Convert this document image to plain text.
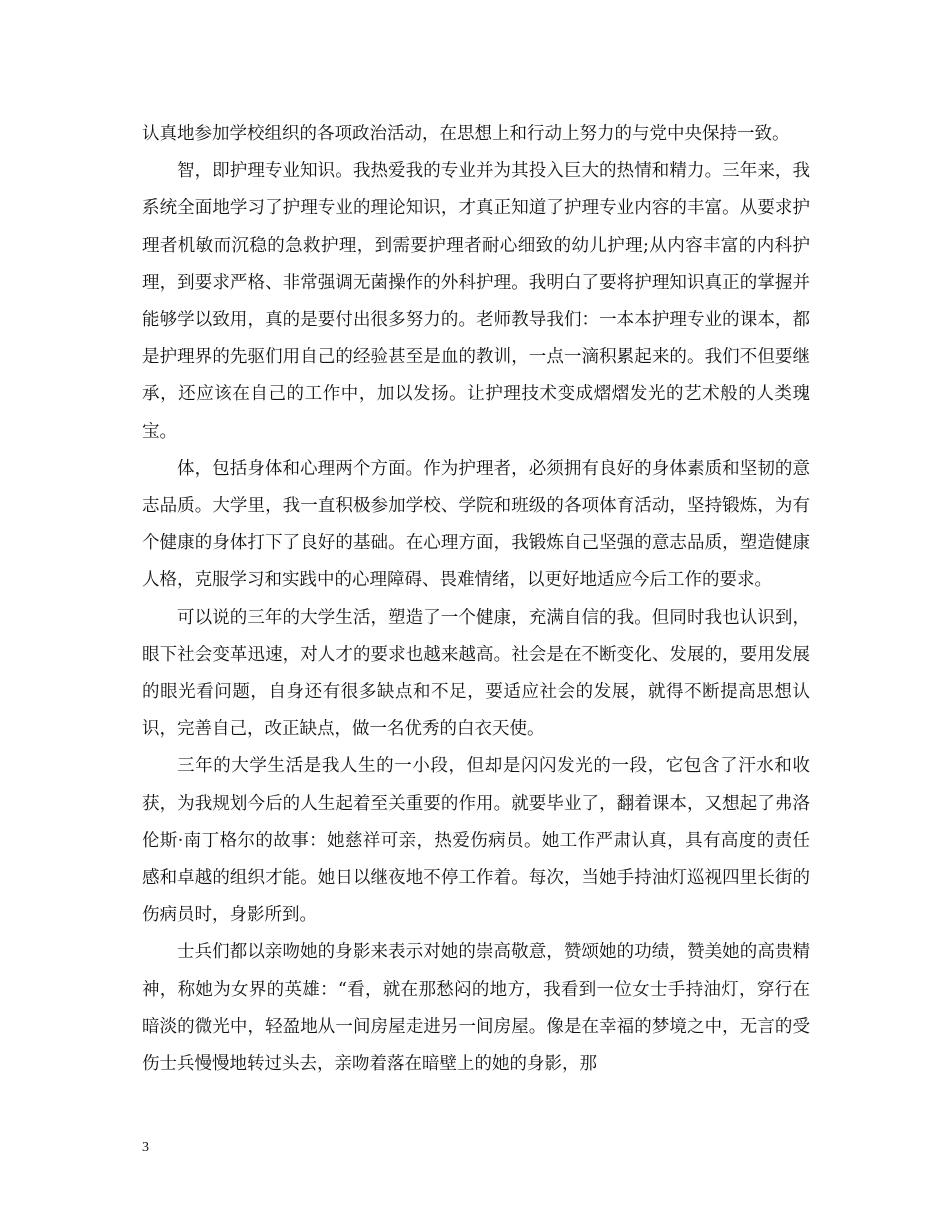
认真地参加学校组织的各项政治活动，在思想上和行动上努力的与党中央保持一致。

智，即护理专业知识。我热爱我的专业并为其投入巨大的热情和精力。三年来，我系统全面地学习了护理专业的理论知识，才真正知道了护理专业内容的丰富。从要求护理者机敏而沉稳的急救护理，到需要护理者耐心细致的幼儿护理;从内容丰富的内科护理，到要求严格、非常强调无菌操作的外科护理。我明白了要将护理知识真正的掌握并能够学以致用，真的是要付出很多努力的。老师教导我们：一本本护理专业的课本，都是护理界的先驱们用自己的经验甚至是血的教训，一点一滴积累起来的。我们不但要继承，还应该在自己的工作中，加以发扬。让护理技术变成熠熠发光的艺术般的人类瑰宝。

体，包括身体和心理两个方面。作为护理者，必须拥有良好的身体素质和坚韧的意志品质。大学里，我一直积极参加学校、学院和班级的各项体育活动，坚持锻炼，为有个健康的身体打下了良好的基础。在心理方面，我锻炼自己坚强的意志品质，塑造健康人格，克服学习和实践中的心理障碍、畏难情绪，以更好地适应今后工作的要求。

可以说的三年的大学生活，塑造了一个健康，充满自信的我。但同时我也认识到，眼下社会变革迅速，对人才的要求也越来越高。社会是在不断变化、发展的，要用发展的眼光看问题，自身还有很多缺点和不足，要适应社会的发展，就得不断提高思想认识，完善自己，改正缺点，做一名优秀的白衣天使。

三年的大学生活是我人生的一小段，但却是闪闪发光的一段，它包含了汗水和收获，为我规划今后的人生起着至关重要的作用。就要毕业了，翻着课本，又想起了弗洛伦斯·南丁格尔的故事：她慈祥可亲，热爱伤病员。她工作严肃认真，具有高度的责任感和卓越的组织才能。她日以继夜地不停工作着。每次，当她手持油灯巡视四里长街的伤病员时，身影所到。

士兵们都以亲吻她的身影来表示对她的崇高敬意，赞颂她的功绩，赞美她的高贵精神，称她为女界的英雄：“看，就在那愁闷的地方，我看到一位女士手持油灯，穿行在暗淡的微光中，轻盈地从一间房屋走进另一间房屋。像是在幸福的梦境之中，无言的受伤士兵慢慢地转过头去，亲吻着落在暗壁上的她的身影，那

3
